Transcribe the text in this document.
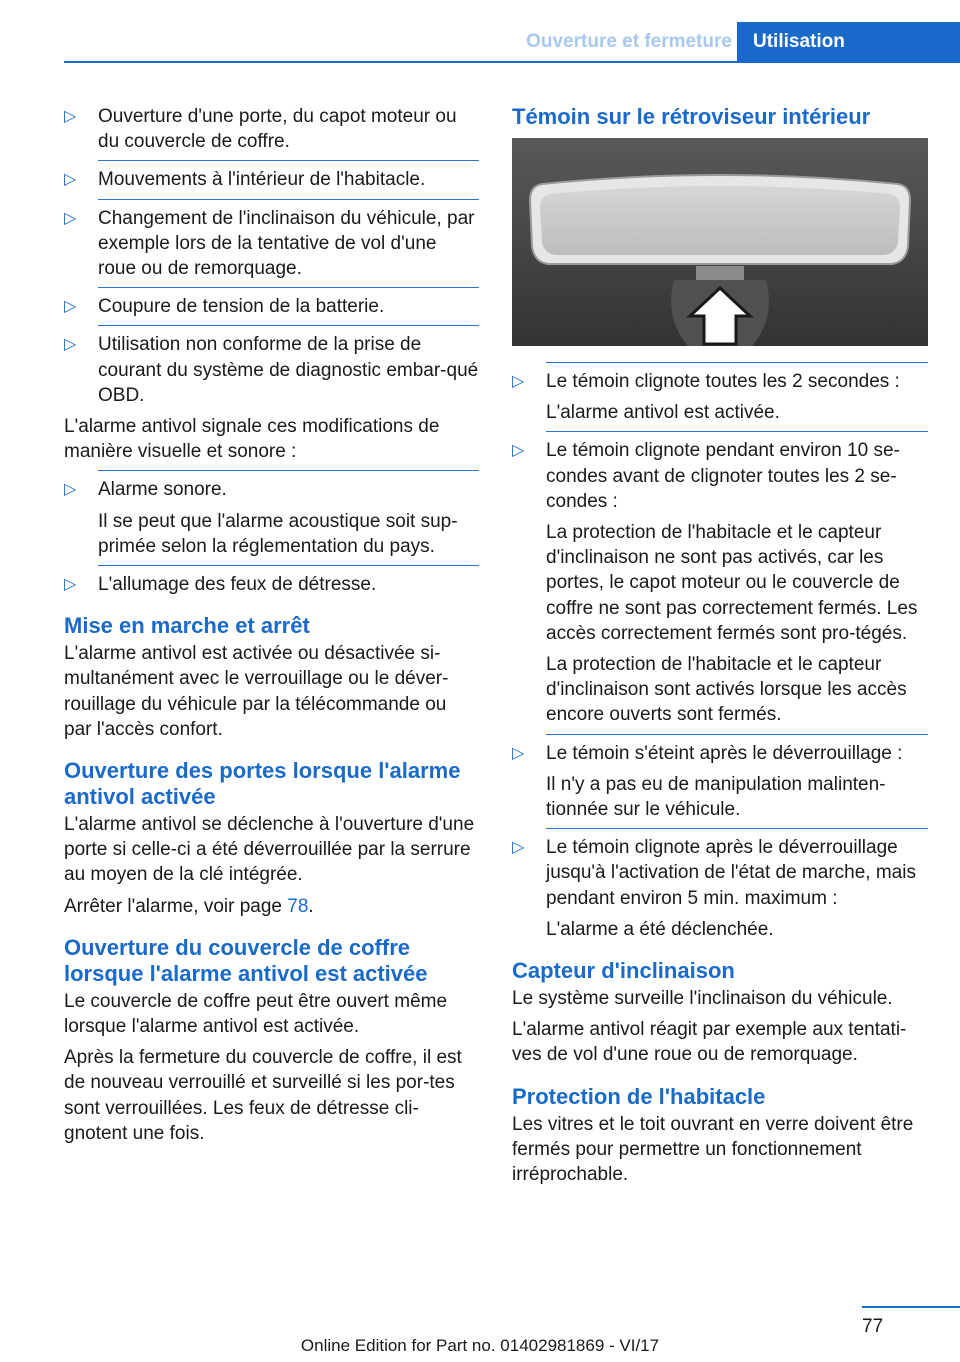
Ouverture et fermeture	Utilisation
▷ Ouverture d'une porte, du capot moteur ou du couvercle de coffre.
▷ Mouvements à l'intérieur de l'habitacle.
▷ Changement de l'inclinaison du véhicule, par exemple lors de la tentative de vol d'une roue ou de remorquage.
▷ Coupure de tension de la batterie.
▷ Utilisation non conforme de la prise de courant du système de diagnostic embar-qué OBD.

L'alarme antivol signale ces modifications de manière visuelle et sonore :

▷ Alarme sonore.
Il se peut que l'alarme acoustique soit sup-primée selon la réglementation du pays.
▷ L'allumage des feux de détresse.
Mise en marche et arrêt

L'alarme antivol est activée ou désactivée si-multanément avec le verrouillage ou le déver-rouillage du véhicule par la télécommande ou par l'accès confort.

Ouverture des portes lorsque l'alarme antivol activée

L'alarme antivol se déclenche à l'ouverture d'une porte si celle-ci a été déverrouillée par la serrure au moyen de la clé intégrée.

Arrêter l'alarme, voir page 78.

Ouverture du couvercle de coffre lorsque l'alarme antivol est activée

Le couvercle de coffre peut être ouvert même lorsque l'alarme antivol est activée.

Après la fermeture du couvercle de coffre, il est de nouveau verrouillé et surveillé si les por-tes sont verrouillées. Les feux de détresse cli-gnotent une fois.

Témoin sur le rétroviseur intérieur
▷ Le témoin clignote toutes les 2 secondes :
L'alarme antivol est activée.
▷ Le témoin clignote pendant environ 10 se-condes avant de clignoter toutes les 2 se-condes :
La protection de l'habitacle et le capteur d'inclinaison ne sont pas activés, car les portes, le capot moteur ou le couvercle de coffre ne sont pas correctement fermés. Les accès correctement fermés sont pro-tégés.
La protection de l'habitacle et le capteur d'inclinaison sont activés lorsque les accès encore ouverts sont fermés.
▷ Le témoin s'éteint après le déverrouillage :
Il n'y a pas eu de manipulation malinten-tionnée sur le véhicule.
▷ Le témoin clignote après le déverrouillage jusqu'à l'activation de l'état de marche, mais pendant environ 5 min. maximum :
L'alarme a été déclenchée.
Capteur d'inclinaison

Le système surveille l'inclinaison du véhicule.

L'alarme antivol réagit par exemple aux tentati-ves de vol d'une roue ou de remorquage.

Protection de l'habitacle

Les vitres et le toit ouvrant en verre doivent être fermés pour permettre un fonctionnement irréprochable.

77
Online Edition for Part no. 01402981869 - VI/17
